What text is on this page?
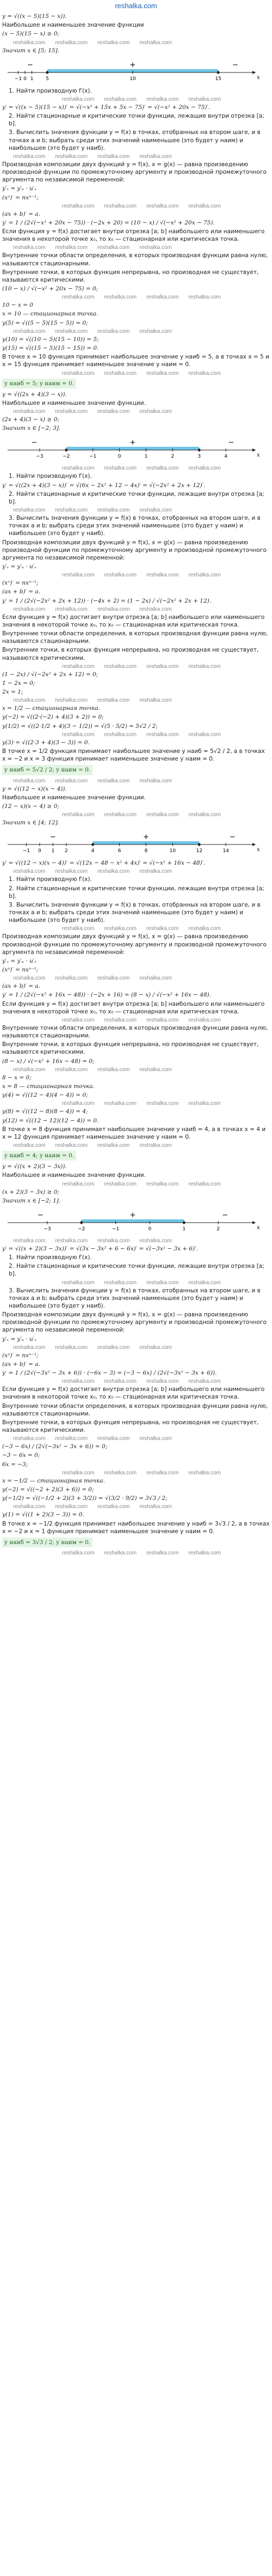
reshalka.com
y = √((x − 5)(15 − x)).
Наибольшее и наименьшее значение функции
(x − 5)(15 − x) ≥ 0;
reshalka.com reshalka.com reshalka.com reshalka.com
Значит x ∈ [5; 15].
x
−1 0 1	5	10	15
−	+	−
1. Найти производную f′(x).
reshalka.com reshalka.com reshalka.com reshalka.com
y′ = √((x − 5)(15 − x))′ = √(−x² + 15x + 5x − 75)′ = √(−x² + 20x − 75)′.
2. Найти стационарные и критические точки функции, лежащие внутри отрезка [a; b].
3. Вычислить значения функции y = f(x) в точках, отобранных на втором шаге, и в точках a и b; выбрать среди этих значений наименьшее (это будет y наим) и наибольшее (это будет y наиб).
reshalka.com reshalka.com reshalka.com reshalka.com
Производная композиции двух функций y = f(x), x = g(x) — равна произведению производной функции по промежуточному аргументу и производной промежуточного аргумента по независимой переменной:
y′ₓ = y′ᵤ · u′ₓ
(xⁿ)′ = nxⁿ⁻¹;
reshalka.com reshalka.com reshalka.com reshalka.com
(ax + b)′ = a.
y′ = 1 / (2√(−x² + 20x − 75)) · (−2x + 20) = (10 − x) / √(−x² + 20x − 75).
Если функция y = f(x) достигает внутри отрезка [a; b] наибольшего или наименьшего значения в некоторой точке x₀, то x₀ — стационарная или критическая точка.
reshalka.com reshalka.com reshalka.com reshalka.com
Внутренние точки области определения, в которых производная функции равна нулю, называются стационарными.
Внутренние точки, в которых функция непрерывна, но производная не существует, называются критическими.
(10 − x) / √(−x² + 20x − 75) = 0;
reshalka.com reshalka.com reshalka.com reshalka.com
10 − x = 0
x = 10 — стационарная точка.
y(5) = √((5 − 5)(15 − 5)) = 0;
reshalka.com reshalka.com reshalka.com reshalka.com
y(10) = √((10 − 5)(15 − 10)) = 5;
y(15) = √((15 − 5)(15 − 15)) = 0.
В точке x = 10 функция принимает наибольшее значение y наиб = 5, а в точках x = 5 и x = 15 функция принимает наименьшее значение y наим = 0.
reshalka.com reshalka.com reshalka.com reshalka.com
y наиб = 5; y наим = 0.
y = √((2x + 4)(3 − x)).
Наибольшее и наименьшее значение функции.
reshalka.com reshalka.com reshalka.com reshalka.com
(2x + 4)(3 − x) ≥ 0;
Значит x ∈ [−2; 3].
x
−3	−2	−1	0	1	2	3	4
−	+	−
reshalka.com reshalka.com reshalka.com reshalka.com
1. Найти производную f′(x).
y′ = √((2x + 4)(3 − x))′ = √(6x − 2x² + 12 − 4x)′ = √(−2x² + 2x + 12)′.
2. Найти стационарные и критические точки функции, лежащие внутри отрезка [a; b].
reshalka.com reshalka.com reshalka.com reshalka.com
3. Вычислить значения функции y = f(x) в точках, отобранных на втором шаге, и в точках a и b; выбрать среди этих значений наименьшее (это будет y наим) и наибольшее (это будет y наиб).
Производная композиции двух функций y = f(x), x = g(x) — равна произведению производной функции по промежуточному аргументу и производной промежуточного аргумента по независимой переменной:
y′ₓ = y′ᵤ · u′ₓ
reshalka.com reshalka.com reshalka.com reshalka.com
(xⁿ)′ = nxⁿ⁻¹;
(ax + b)′ = a.
y′ = 1 / (2√(−2x² + 2x + 12)) · (−4x + 2) = (1 − 2x) / √(−2x² + 2x + 12).
reshalka.com reshalka.com reshalka.com reshalka.com
Если функция y = f(x) достигает внутри отрезка [a; b] наибольшего или наименьшего значения в некоторой точке x₀, то x₀ — стационарная или критическая точка.
Внутренние точки области определения, в которых производная функции равна нулю, называются стационарными.
Внутренние точки, в которых функция непрерывна, но производная не существует, называются критическими.
reshalka.com reshalka.com reshalka.com reshalka.com
(1 − 2x) / √(−2x² + 2x + 12) = 0;
1 − 2x = 0;
2x = 1;
reshalka.com reshalka.com reshalka.com reshalka.com
x = 1/2 — стационарная точка.
y(−2) = √((2·(−2) + 4)(3 + 2)) = 0;
y(1/2) = √((2·1/2 + 4)(3 − 1/2)) = √(5 · 5/2) = 5√2 / 2;
reshalka.com reshalka.com reshalka.com reshalka.com
y(3) = √((2·3 + 4)(3 − 3)) = 0.
В точке x = 1/2 функция принимает наибольшее значение y наиб = 5√2 / 2, а в точках x = −2 и x = 3 функция принимает наименьшее значение y наим = 0.
y наиб = 5√2 / 2; y наим = 0.
reshalka.com reshalka.com reshalka.com reshalka.com
y = √((12 − x)(x − 4)).
Наибольшее и наименьшее значение функции.
(12 − x)(x − 4) ≥ 0;
reshalka.com reshalka.com reshalka.com reshalka.com
Значит x ∈ [4; 12].
x
−1 0 1 2	4	6	8	10	12	14
−	+	−
y′ = √((12 − x)(x − 4))′ = √(12x − 48 − x² + 4x)′ = √(−x² + 16x − 48)′.
reshalka.com reshalka.com reshalka.com reshalka.com
1. Найти производную f′(x).
2. Найти стационарные и критические точки функции, лежащие внутри отрезка [a; b].
3. Вычислить значения функции y = f(x) в точках, отобранных на втором шаге, и в точках a и b; выбрать среди этих значений наименьшее (это будет y наим) и наибольшее (это будет y наиб).
reshalka.com reshalka.com reshalka.com reshalka.com
Производная композиции двух функций y = f(x), x = g(x) — равна произведению производной функции по промежуточному аргументу и производной промежуточного аргумента по независимой переменной:
y′ₓ = y′ᵤ · u′ₓ
(xⁿ)′ = nxⁿ⁻¹;
reshalka.com reshalka.com reshalka.com reshalka.com
(ax + b)′ = a.
y′ = 1 / (2√(−x² + 16x − 48)) · (−2x + 16) = (8 − x) / √(−x² + 16x − 48).
Если функция y = f(x) достигает внутри отрезка [a; b] наибольшего или наименьшего значения в некоторой точке x₀, то x₀ — стационарная или критическая точка.
reshalka.com reshalka.com reshalka.com reshalka.com
Внутренние точки области определения, в которых производная функции равна нулю, называются стационарными.
Внутренние точки, в которых функция непрерывна, но производная не существует, называются критическими.
(8 − x) / √(−x² + 16x − 48) = 0;
reshalka.com reshalka.com reshalka.com reshalka.com
8 − x = 0;
x = 8 — стационарная точка.
y(4) = √((12 − 4)(4 − 4)) = 0;
reshalka.com reshalka.com reshalka.com reshalka.com
y(8) = √((12 − 8)(8 − 4)) = 4;
y(12) = √((12 − 12)(12 − 4)) = 0.
В точке x = 8 функция принимает наибольшее значение y наиб = 4, а в точках x = 4 и x = 12 функция принимает наименьшее значение y наим = 0.
reshalka.com reshalka.com reshalka.com reshalka.com
y наиб = 4; y наим = 0.
y = √((x + 2)(3 − 3x)).
Наибольшее и наименьшее значение функции.
reshalka.com reshalka.com reshalka.com reshalka.com
(x + 2)(3 − 3x) ≥ 0;
Значит x ∈ [−2; 1].
x
−3	−2	−1	0	1	2
−	+	−
reshalka.com reshalka.com reshalka.com reshalka.com
y′ = √((x + 2)(3 − 3x))′ = √(3x − 3x² + 6 − 6x)′ = √(−3x² − 3x + 6)′.
1. Найти производную f′(x).
2. Найти стационарные и критические точки функции, лежащие внутри отрезка [a; b].
reshalka.com reshalka.com reshalka.com reshalka.com
3. Вычислить значения функции y = f(x) в точках, отобранных на втором шаге, и в точках a и b; выбрать среди этих значений наименьшее (это будет y наим) и наибольшее (это будет y наиб).
Производная композиции двух функций y = f(x), x = g(x) — равна произведению производной функции по промежуточному аргументу и производной промежуточного аргумента по независимой переменной:
y′ₓ = y′ᵤ · u′ₓ
reshalka.com reshalka.com reshalka.com reshalka.com
(xⁿ)′ = nxⁿ⁻¹;
(ax + b)′ = a.
y′ = 1 / (2√(−3x² − 3x + 6)) · (−6x − 3) = (−3 − 6x) / (2√(−3x² − 3x + 6)).
reshalka.com reshalka.com reshalka.com reshalka.com
Если функция y = f(x) достигает внутри отрезка [a; b] наибольшего или наименьшего значения в некоторой точке x₀, то x₀ — стационарная или критическая точка.
Внутренние точки области определения, в которых производная функции равна нулю, называются стационарными.
Внутренние точки, в которых функция непрерывна, но производная не существует, называются критическими.
reshalka.com reshalka.com reshalka.com reshalka.com
(−3 − 6x) / (2√(−3x² − 3x + 6)) = 0;
−3 − 6x = 0;
6x = −3;
reshalka.com reshalka.com reshalka.com reshalka.com
x = −1/2 — стационарная точка.
y(−2) = √((−2 + 2)(3 + 6)) = 0;
y(−1/2) = √((−1/2 + 2)(3 + 3/2)) = √(3/2 · 9/2) = 3√3 / 2;
reshalka.com reshalka.com reshalka.com reshalka.com
y(1) = √((1 + 2)(3 − 3)) = 0.
В точке x = −1/2 функция принимает наибольшее значение y наиб = 3√3 / 2, а в точках x = −2 и x = 1 функция принимает наименьшее значение y наим = 0.
y наиб = 3√3 / 2; y наим = 0.
reshalka.com reshalka.com reshalka.com reshalka.com
